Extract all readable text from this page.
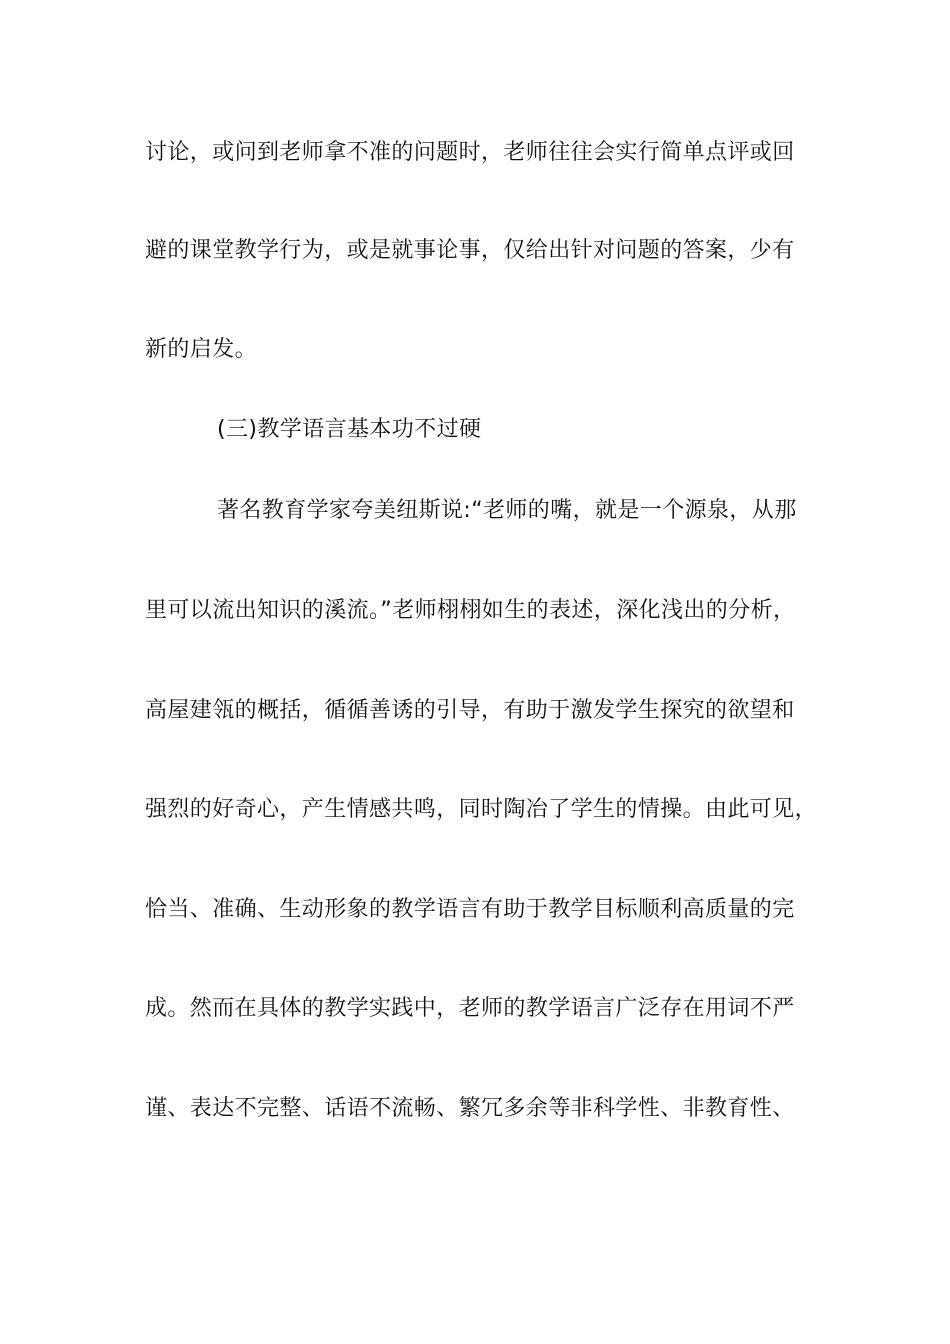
讨论，或问到老师拿不准的问题时，老师往往会实行简单点评或回
避的课堂教学行为，或是就事论事，仅给出针对问题的答案，少有
新的启发。
(三)教学语言基本功不过硬
著名教育学家夸美纽斯说:“老师的嘴，就是一个源泉，从那
里可以流出知识的溪流。”老师栩栩如生的表述，深化浅出的分析，
高屋建瓴的概括，循循善诱的引导，有助于激发学生探究的欲望和
强烈的好奇心，产生情感共鸣，同时陶冶了学生的情操。由此可见，
恰当、准确、生动形象的教学语言有助于教学目标顺利高质量的完
成。然而在具体的教学实践中，老师的教学语言广泛存在用词不严
谨、表达不完整、话语不流畅、繁冗多余等非科学性、非教育性、
